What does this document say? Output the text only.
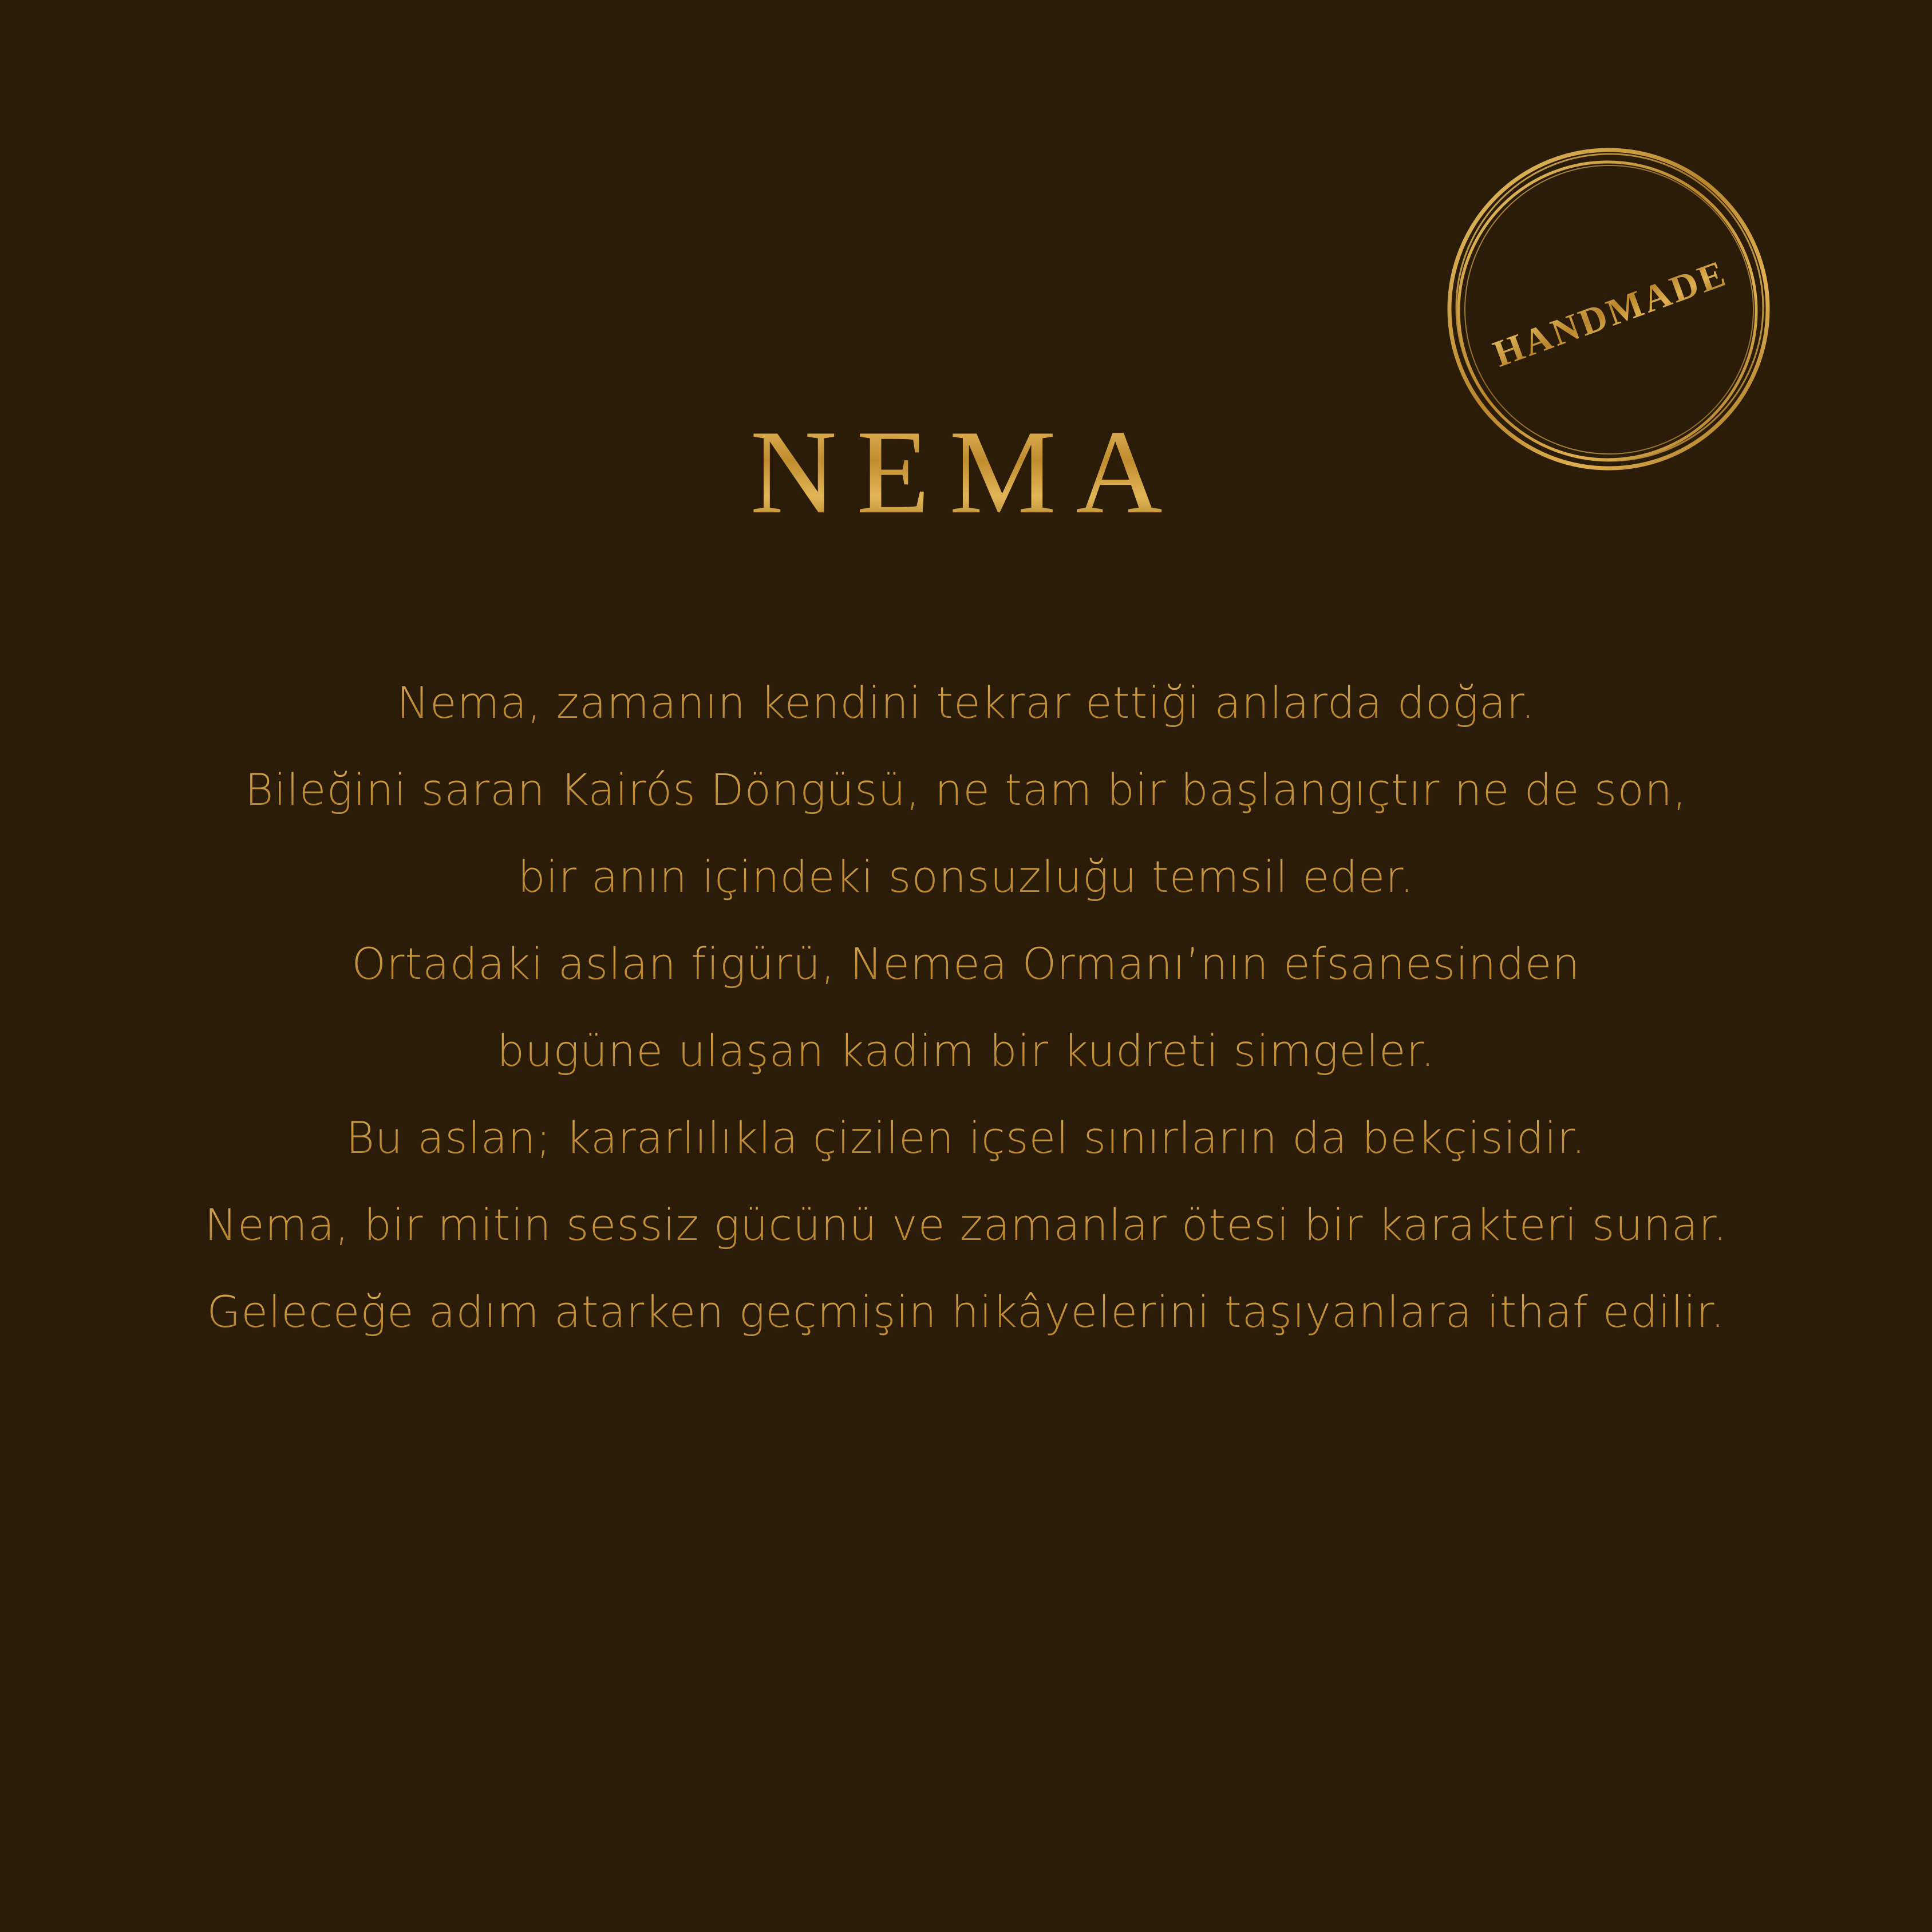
HANDMADE
NEMA
Nema, zamanın kendini tekrar ettiği anlarda doğar.
Bileğini saran Kairós Döngüsü, ne tam bir başlangıçtır ne de son,
bir anın içindeki sonsuzluğu temsil eder.
Ortadaki aslan figürü, Nemea Ormanı’nın efsanesinden
bugüne ulaşan kadim bir kudreti simgeler.
Bu aslan; kararlılıkla çizilen içsel sınırların da bekçisidir.
Nema, bir mitin sessiz gücünü ve zamanlar ötesi bir karakteri sunar.
Geleceğe adım atarken geçmişin hikâyelerini taşıyanlara ithaf edilir.
